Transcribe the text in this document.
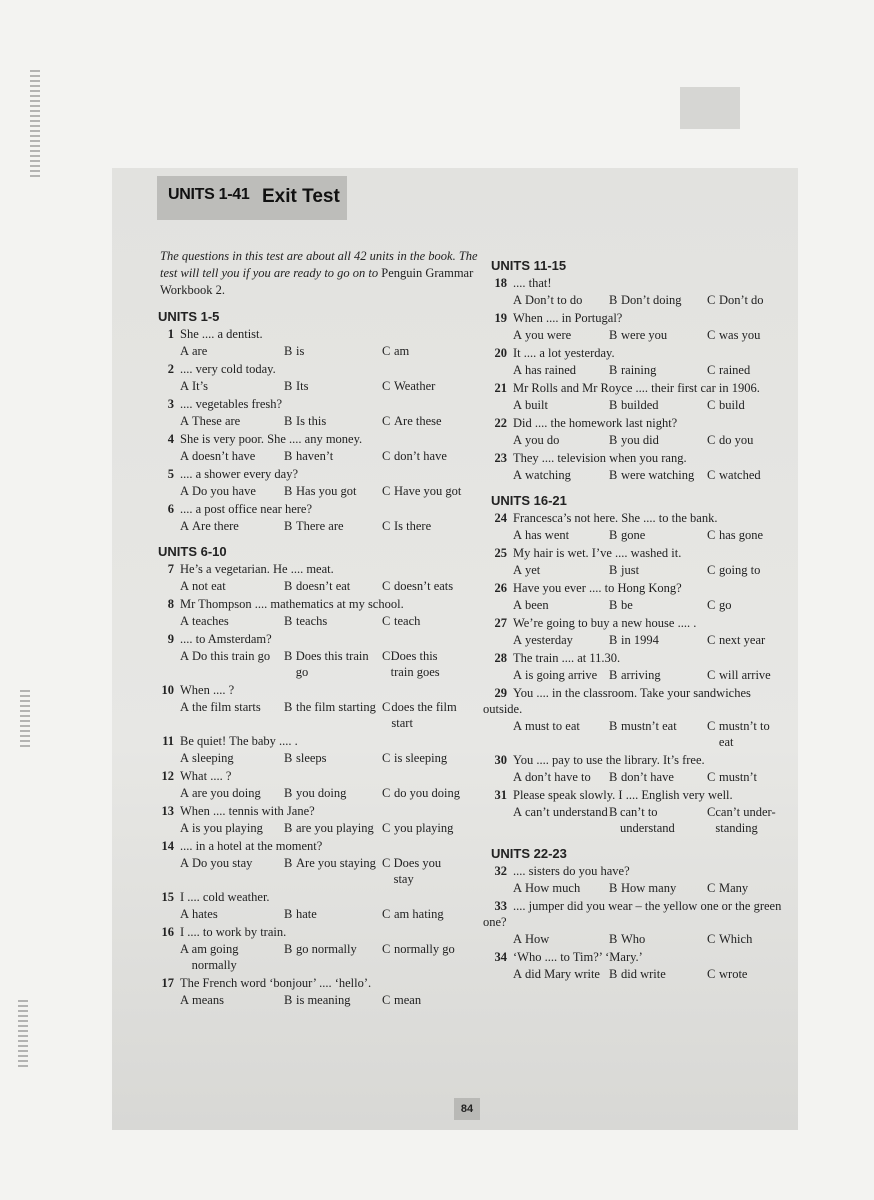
UNITS 1-41 Exit Test
The questions in this test are about all 42 units in the book. The test will tell you if you are ready to go on to Penguin Grammar Workbook 2.
UNITS 1-5
1 She .... a dentist.
A are	B is	C am
2 .... very cold today.
A It’s	B Its	C Weather
3 .... vegetables fresh?
A These are	B Is this	C Are these
4 She is very poor. She .... any money.
A doesn’t have B haven’t	C don’t have
5 .... a shower every day?
A Do you have B Has you got C Have you got
6 .... a post office near here?
A Are there	B There are	C Is there
UNITS 6-10
7 He’s a vegetarian. He .... meat.
A not eat	B doesn’t eat	C doesn’t eats
8 Mr Thompson .... mathematics at my school.
A teaches	B teachs	C teach
9 .... to Amsterdam?
A Do this train go B Does this train go
C Does this train goes
10 When .... ?
A the film starts B the film starting C does the film start
11 Be quiet! The baby .... .
A sleeping	B sleeps	C is sleeping
12 What .... ?
A are you doing B you doing	C do you doing
13 When .... tennis with Jane?
A is you playing B are you playing C you playing
14 .... in a hotel at the moment?
A Do you stay	B Are you staying C Does you stay
15 I .... cold weather.
A hates	B hate	C am hating
16 I .... to work by train.
A am going normally
B go normally C normally go
17 The French word ‘bonjour’ .... ‘hello’.
A means	B is meaning	C mean
UNITS 11-15
18 .... that!
A Don’t to do B Don’t doing C Don’t do
19 When .... in Portugal?
A you were	B were you	C was you
20 It .... a lot yesterday.
A has rained	B raining	C rained
21 Mr Rolls and Mr Royce .... their first car in 1906.
A built	B builded	C build
22 Did .... the homework last night?
A you do	B you did	C do you
23 They .... television when you rang.
A watching	B were watching C watched
UNITS 16-21
24 Francesca’s not here. She .... to the bank.
A has went	B gone	C has gone
25 My hair is wet. I’ve .... washed it.
A yet	B just	C going to
26 Have you ever .... to Hong Kong?
A been	B be	C go
27 We’re going to buy a new house .... .
A yesterday	B in 1994	C next year
28 The train .... at 11.30.
A is going arrive B arriving	C will arrive
29 You .... in the classroom. Take your sandwiches outside.
A must to eat B mustn’t eat C mustn’t to eat
30 You .... pay to use the library. It’s free.
A don’t have to B don’t have	C mustn’t
31 Please speak slowly. I .... English very well.
A can’t understand B can’t to understand
C can’t under-standing
UNITS 22-23
32 .... sisters do you have?
A How much B How many C Many
33 .... jumper did you wear – the yellow one or the green one?
A How	B Who	C Which
34 ‘Who .... to Tim?’ ‘Mary.’
A did Mary write B did write	C wrote
84
